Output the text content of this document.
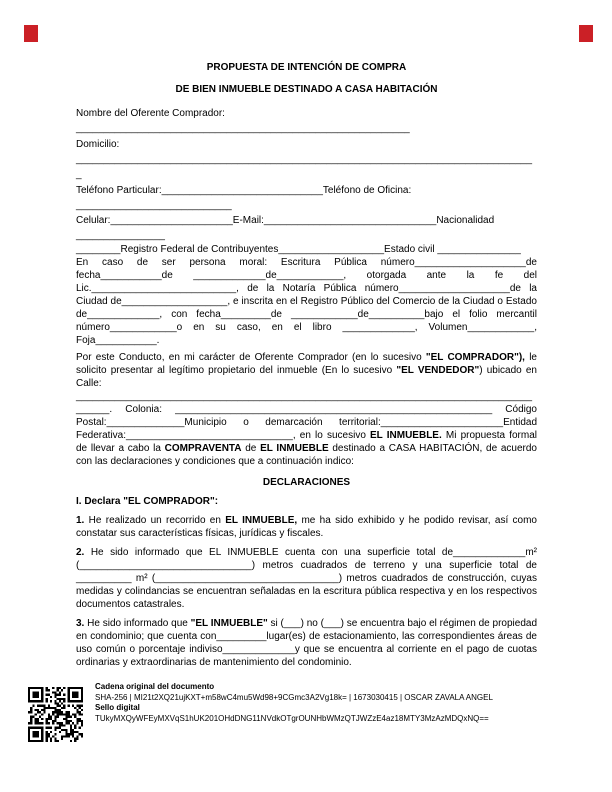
PROPUESTA DE INTENCIÓN DE COMPRA
DE BIEN INMUEBLE DESTINADO A CASA HABITACIÓN
Nombre del Oferente Comprador:
____________________________________________________________
Domicilio:
__________________________________________________________________________________
_
Teléfono Particular:_____________________________Teléfono de Oficina:
____________________________
Celular:______________________E-Mail:_______________________________Nacionalidad
________________
________Registro Federal de Contribuyentes___________________Estado civil _______________

En caso de ser persona moral: Escritura Pública número____________________de fecha___________de _____________de____________, otorgada ante la fe del Lic.__________________________, de la Notaría Pública número____________________de la Ciudad de___________________, e inscrita en el Registro Público del Comercio de la Ciudad o Estado de_____________, con fecha_________de ____________de__________bajo el folio mercantil número____________o en su caso, en el libro _____________, Volumen____________, Foja___________.

Por este Conducto, en mi carácter de Oferente Comprador (en lo sucesivo "EL COMPRADOR"), le solicito presentar al legítimo propietario del inmueble (En lo sucesivo "EL VENDEDOR") ubicado en Calle:

__________________________________________________________________________________

______. Colonia: _________________________________________________________ Código Postal:______________Municipio o demarcación territorial:______________________Entidad Federativa:______________________________, en lo sucesivo EL INMUEBLE. Mi propuesta formal de llevar a cabo la COMPRAVENTA de EL INMUEBLE destinado a CASA HABITACIÓN, de acuerdo con las declaraciones y condiciones que a continuación indico:

DECLARACIONES
I. Declara "EL COMPRADOR":

1. He realizado un recorrido en EL INMUEBLE, me ha sido exhibido y he podido revisar, así como constatar sus características físicas, jurídicas y fiscales.

2. He sido informado que EL INMUEBLE cuenta con una superficie total de_____________m² (_______________________________) metros cuadrados de terreno y una superficie total de __________ m² (_________________________________) metros cuadrados de construcción, cuyas medidas y colindancias se encuentran señaladas en la escritura pública respectiva y en los respectivos documentos catastrales.

3. He sido informado que "EL INMUEBLE" si (___) no (___) se encuentra bajo el régimen de propiedad en condominio; que cuenta con_________lugar(es) de estacionamiento, las correspondientes áreas de uso común o porcentaje indiviso_____________y que se encuentra al corriente en el pago de cuotas ordinarias y extraordinarias de mantenimiento del condominio.

Cadena original del documento
SHA-256 | MI21t2XQ21ujKXT+m58wC4mu5Wd98+9CGmc3A2Vg18k= | 1673030415 | OSCAR ZAVALA ANGEL
Sello digital
TUkyMXQyWFEyMXVqS1hUK201OHdDNG11NVdkOTgrOUNHbWMzQTJWZzE4az18MTY3MzAzMDQxNQ==
